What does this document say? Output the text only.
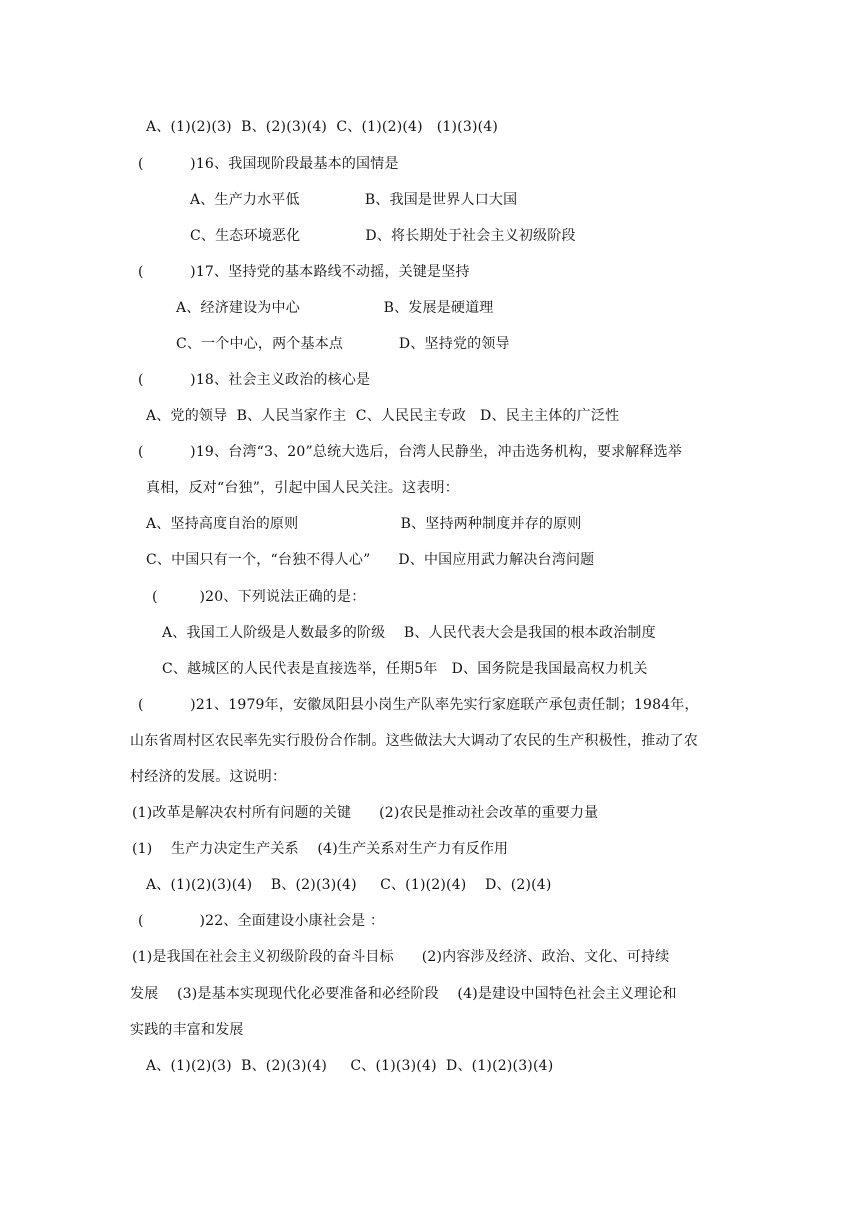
A、(1)(2)(3)  B、(2)(3)(4)  C、(1)(2)(4)   (1)(3)(4)
(          )16、我国现阶段最基本的国情是
A、生产力水平低              B、我国是世界人口大国
C、生态环境恶化              D、将长期处于社会主义初级阶段
(          )17、坚持党的基本路线不动摇，关键是坚持
A、经济建设为中心                  B、发展是硬道理
C、一个中心，两个基本点            D、坚持党的领导
(          )18、社会主义政治的核心是
A、党的领导  B、人民当家作主  C、人民民主专政   D、民主主体的广泛性
(          )19、台湾“3、20”总统大选后，台湾人民静坐，冲击选务机构，要求解释选举
真相，反对“台独”，引起中国人民关注。这表明：
A、坚持高度自治的原则                      B、坚持两种制度并存的原则
C、中国只有一个，“台独不得人心”      D、中国应用武力解决台湾问题
(         )20、下列说法正确的是：
A、我国工人阶级是人数最多的阶级    B、人民代表大会是我国的根本政治制度
C、越城区的人民代表是直接选举，任期5年   D、国务院是我国最高权力机关
(          )21、1979年，安徽凤阳县小岗生产队率先实行家庭联产承包责任制；1984年，
山东省周村区农民率先实行股份合作制。这些做法大大调动了农民的生产积极性，推动了农
村经济的发展。这说明：
(1)改革是解决农村所有问题的关键      (2)农民是推动社会改革的重要力量
(1)    生产力决定生产关系    (4)生产关系对生产力有反作用
A、(1)(2)(3)(4)    B、(2)(3)(4)     C、(1)(2)(4)    D、(2)(4)
(            )22、全面建设小康社会是 ：
(1)是我国在社会主义初级阶段的奋斗目标      (2)内容涉及经济、政治、文化、可持续
发展    (3)是基本实现现代化必要准备和必经阶段    (4)是建设中国特色社会主义理论和
实践的丰富和发展
A、(1)(2)(3)  B、(2)(3)(4)     C、(1)(3)(4)  D、(1)(2)(3)(4)
